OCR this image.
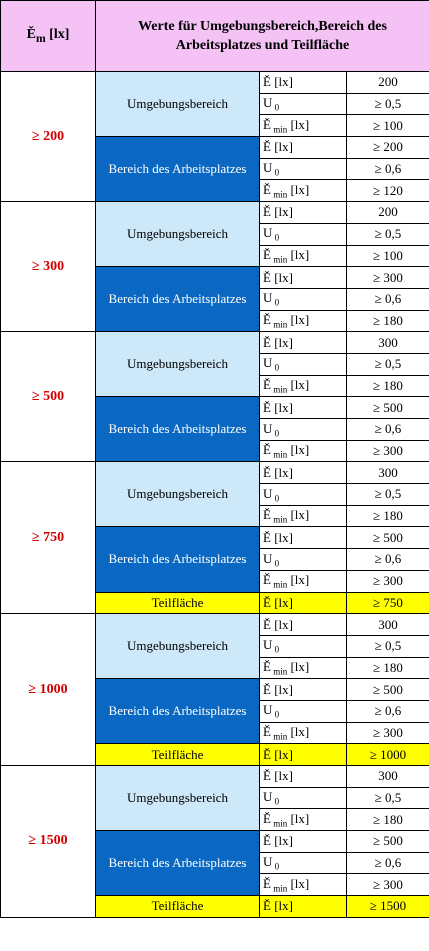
$Ě_m$ [lx]	Werte für Umgebungsbereich,Bereich des Arbeitsplatzes und Teilfläche		
≥ 200	Umgebungsbereich	Ě [lx]	200
		U $_0$	≥ 0,5
		Ě $_{min}$ [lx]	≥ 100
	Bereich des Arbeitsplatzes	Ě [lx]	≥ 200
		U $_0$	≥ 0,6
		Ě $_{min}$ [lx]	≥ 120
≥ 300	Umgebungsbereich	Ě [lx]	200
		U $_0$	≥ 0,5
		Ě $_{min}$ [lx]	≥ 100
	Bereich des Arbeitsplatzes	Ě [lx]	≥ 300
		U $_0$	≥ 0,6
		Ě $_{min}$ [lx]	≥ 180
≥ 500	Umgebungsbereich	Ě [lx]	300
		U $_0$	≥ 0,5
		Ě $_{min}$ [lx]	≥ 180
	Bereich des Arbeitsplatzes	Ě [lx]	≥ 500
		U $_0$	≥ 0,6
		Ě $_{min}$ [lx]	≥ 300
≥ 750	Umgebungsbereich	Ě [lx]	300
		U $_0$	≥ 0,5
		Ě $_{min}$ [lx]	≥ 180
	Bereich des Arbeitsplatzes	Ě [lx]	≥ 500
		U $_0$	≥ 0,6
		Ě $_{min}$ [lx]	≥ 300
	Teilfläche	Ě [lx]	≥ 750
≥ 1000	Umgebungsbereich	Ě [lx]	300
		U $_0$	≥ 0,5
		Ě $_{min}$ [lx]	≥ 180
	Bereich des Arbeitsplatzes	Ě [lx]	≥ 500
		U $_0$	≥ 0,6
		Ě $_{min}$ [lx]	≥ 300
	Teilfläche	Ě [lx]	≥ 1000
≥ 1500	Umgebungsbereich	Ě [lx]	300
		U $_0$	≥ 0,5
		Ě $_{min}$ [lx]	≥ 180
	Bereich des Arbeitsplatzes	Ě [lx]	≥ 500
		U $_0$	≥ 0,6
		Ě $_{min}$ [lx]	≥ 300
	Teilfläche	Ě [lx]	≥ 1500
